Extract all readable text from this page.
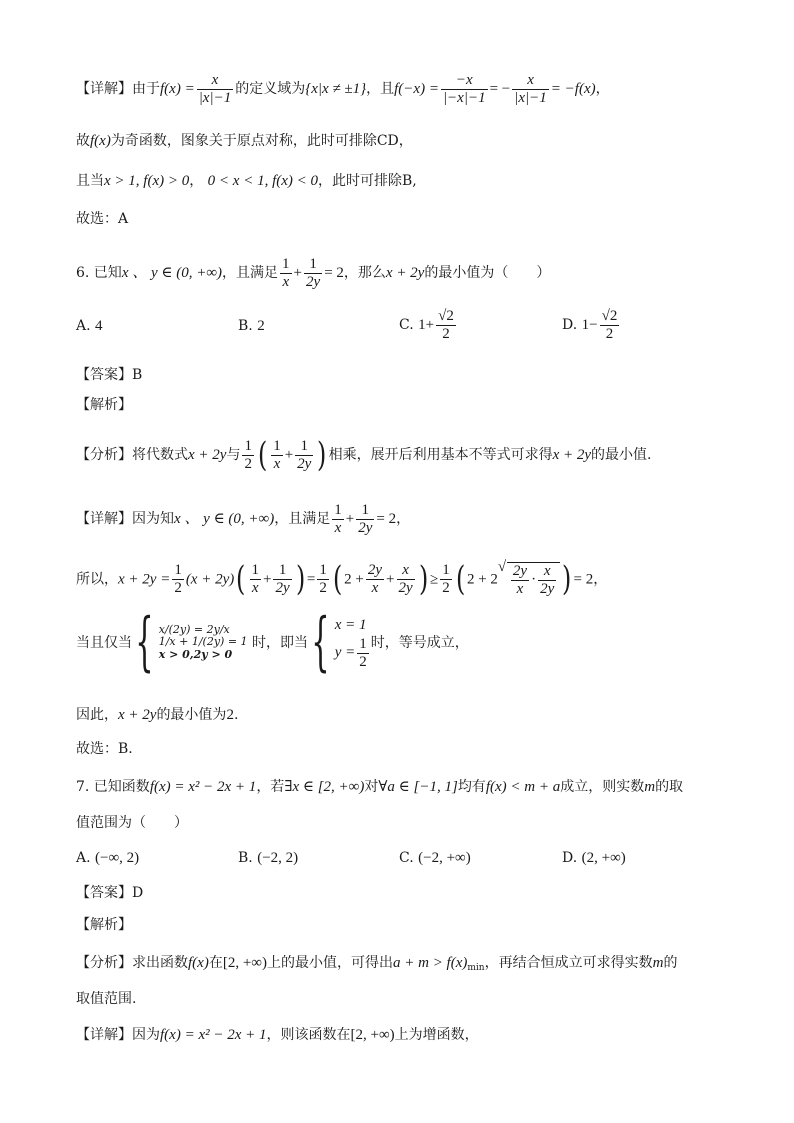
【详解】由于$f(x) = \frac{x}{|x|-1}$ 的定义域为{x|x ≠ ±1}，且$f(-x) = \frac{-x}{|-x|-1}$ = − $\frac{x}{|x|-1} = -f(x)$，
故f(x)为奇函数，图象关于原点对称，此时可排除CD，
且当x > 1, f(x) > 0， 0 < x < 1, f(x) < 0，此时可排除B,
故选：A
6. 已知x 、 y ∈ (0, +∞)，且满足 $\frac{1}{x} + \frac{1}{2y} = 2$，那么x + 2y的最小值为（　　）
A. 4	B. 2	C. $1+ \frac{√2}{2}$	D. $1- \frac{√2}{2}$
【答案】B
【解析】
【分析】将代数式x + 2y与 $\frac{1}{2}$ ( $\frac{1}{x} + \frac{1}{2y}$ ) 相乘，展开后利用基本不等式可求得x + 2y的最小值.
【详解】因为知x 、 y ∈ (0, +∞)，且满足 $\frac{1}{x} + \frac{1}{2y} = 2$，
所以，$x + 2y = \frac{1}{2} (x + 2y)( \frac{1}{x} + \frac{1}{2y}$ ) = $\frac{1}{2}$ ( $2 + \frac{2y}{x} + \frac{x}{2y}$ ) ≥ $\frac{1}{2}$ ( 2 + 2
√ $\frac{2y}{x} \cdot \frac{x}{2y}$ ) = 2，
当且仅当{ x/(2y) = 2y/x
1/x + 1/(2y) = 1
x > 0,2y > 0 时，即当{ x = 1
$y = \frac{1}{2}$ 时，等号成立，
因此，x + 2y的最小值为2.
故选：B.
7. 已知函数f(x) = x² − 2x + 1，若∃x ∈ [2, +∞)对∀a ∈ [−1, 1]均有f(x) < m + a成立，则实数m的取
值范围为（　　）
A. (−∞, 2)	B. (−2, 2)	C. (−2, +∞)	D. (2, +∞)
【答案】D
【解析】
【分析】求出函数f(x)在[2, +∞)上的最小值，可得出$a + m > f(x)_{min}$，再结合恒成立可求得实数m的
取值范围.
【详解】因为f(x) = x² − 2x + 1，则该函数在[2, +∞)上为增函数，
